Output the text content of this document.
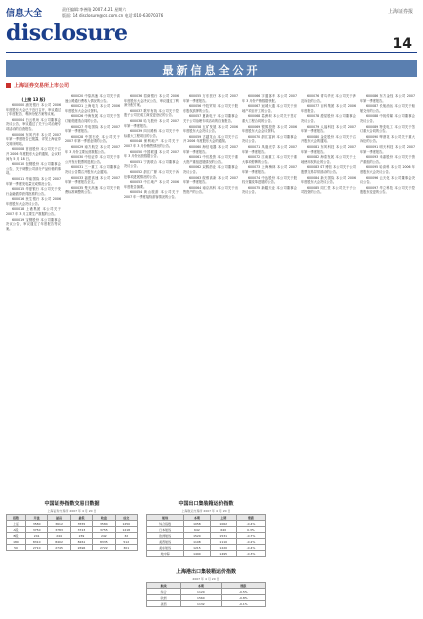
信息大全
disclosure
责任编辑:李善隆 2007.4.21 星期六
版面: 14 disclosure@cs.com.cn 电话:010-63070376
上海证券报
14
最新信息全公开
上海证券交易所上市公司
(上接 13 版)

600000 浦发银行 本公司 2006 年度股东大会已于近日召开，审议通过了年度报告、利润分配方案等议案。

600004 白云机场 本公司董事会决议公告，审议通过了关于公司治理专项活动的自查报告。

600006 东风汽车 本公司 2007 年第一季度报告已披露，详见上海证券交易所网站。

600008 首创股份 本公司关于召开 2006 年度股东大会的通知，会议时间为 5 月 18 日。

600010 包钢股份 本公司董事会公告，关于调整公司部分产品价格的事项。

600011 华能国际 本公司 2007 年第一季度发电量完成情况公告。

600015 华夏银行 本公司关于发行金融债券获得批准的公告。

600016 民生银行 本公司 2006 年度股东大会决议公告。

600018 上港集团 本公司关于 2007 年 3 月主要生产数据的公告。

600019 宝钢股份 本公司董事会决议公告，审议通过了年度报告等议案。

600020 中原高速 本公司关于高速公路通行费收入情况的公告。

600021 上海电力 本公司 2006 年度股东大会会议资料。

600026 中海发展 本公司关于签订船舶建造合同的公告。

600027 华电国际 本公司 2007 年第一季度报告。

600028 中国石化 本公司关于 2007 年第一季度业绩的公告。

600029 南方航空 本公司 2007 年 3 月份主要运营数据公告。

600030 中信证券 本公司关于非公开发行股票的进展公告。

600031 三一重工 本公司董事会决议公告暨召开股东大会通知。

600033 福建高速 本公司 2007 年第一季度报告全文。

600035 楚天高速 本公司关于收费标准调整的公告。

600036 招商银行 本公司 2006 年度股东大会决议公告，审议通过了利润分配方案。

600037 歌华有线 本公司关于控股子公司完成工商变更登记的公告。

600038 哈飞股份 本公司 2007 年第一季度报告。

600039 四川路桥 本公司关于中标重大工程项目的公告。

600048 保利地产 本公司关于 2007 年 3 月份销售情况的公告。

600050 中国联通 本公司 2007 年 3 月份运营数据公告。

600051 宁波联合 本公司董事会决议公告。

600052 浙江广厦 本公司关于诉讼事项进展情况的公告。

600053 中江地产 本公司 2006 年度报告摘要。

600054 黄山旅游 本公司关于 2007 年一季度接待游客情况的公告。

600055 万东医疗 本公司 2007 年第一季度报告。

600056 中技贸易 本公司关于股东股权质押的公告。

600057 夏新电子 本公司董事会关于公司治理专项活动的自查报告。

600058 五矿发展 本公司 2006 年度股东大会决议公告。

600059 古越龙山 本公司关于召开 2006 年度股东大会的通知。

600060 海信电器 本公司 2007 年第一季度报告。

600061 中纺投资 本公司关于重大资产重组进展情况的公告。

600062 双鹤药业 本公司董事会决议公告。

600063 皖维高新 本公司 2007 年第一季度报告。

600064 南京高科 本公司关于出售资产的公告。

600066 宇通客车 本公司 2007 年 3 月份产销数据快报。

600067 冠城大通 本公司关于房地产项目开工的公告。

600068 葛洲坝 本公司关于签订重大工程合同的公告。

600069 银鸽投资 本公司 2006 年度股东大会会议资料。

600070 浙江富润 本公司董事会决议公告。

600071 凤凰光学 本公司 2007 年第一季度报告。

600072 江南重工 本公司关于重大事项停牌的公告。

600073 上海梅林 本公司 2007 年第一季度报告。

600074 中达股份 本公司关于股权分置改革进展的公告。

600075 新疆天业 本公司董事会决议公告。

600076 青鸟华光 本公司关于涉及诉讼的公告。

600077 百科集团 本公司 2006 年度报告。

600078 澄星股份 本公司董事会决议公告。

600079 人福科技 本公司 2007 年第一季度报告。

600080 金花股份 本公司关于召开股东大会的通知。

600081 东风科技 本公司 2007 年第一季度报告。

600082 海泰发展 本公司关于土地使用权转让的公告。

600083 ST 博信 本公司关于公司股票交易异常波动的公告。

600084 新天国际 本公司 2006 年度股东大会决议公告。

600085 同仁堂 本公司关于子公司投资的公告。

600086 东方金钰 本公司 2007 年第一季度报告。

600087 长航油运 本公司关于船舶交付的公告。

600088 中视传媒 本公司董事会决议公告。

600089 特变电工 本公司关于签订重大合同的公告。

600090 啤酒花 本公司关于重大诉讼的公告。

600091 明天科技 本公司 2007 年第一季度报告。

600093 禾嘉股份 本公司关于资产重组的公告。

600095 哈高科 本公司 2006 年度股东大会决议公告。

600096 云天化 本公司董事会决议公告。

600097 华立科技 本公司关于控股股东变更的公告。

中国证券指数交易日数据
上海证券交易所 2007 年 4 月 20 日
指数	开盘	最高	最低	收盘	成交
上证	3580	3612	3555	3584	1250
A股	3750	3783	3723	3755	1218
B股	241	244	239	242	32
180	8310	8402	8261	8335	512
50	2710	2745	2696	2722	301
中国出口集装箱运价指数
上海航运交易所 2007 年 4 月 20 日
航线	本期	上期	涨跌
综合指数	1058	1062	-0.4%
日本航线	642	640	0.3%
欧洲航线	1520	1531	-0.7%
美西航线	1108	1110	-0.2%
美东航线	1215	1220	-0.4%
地中海	1490	1495	-0.3%
上海港出口集装箱运价指数
2007 年 4 月 20 日
航线	本期	涨跌
综合	1120	-0.5%
欧洲	1560	-0.8%
美西	1132	-0.1%
